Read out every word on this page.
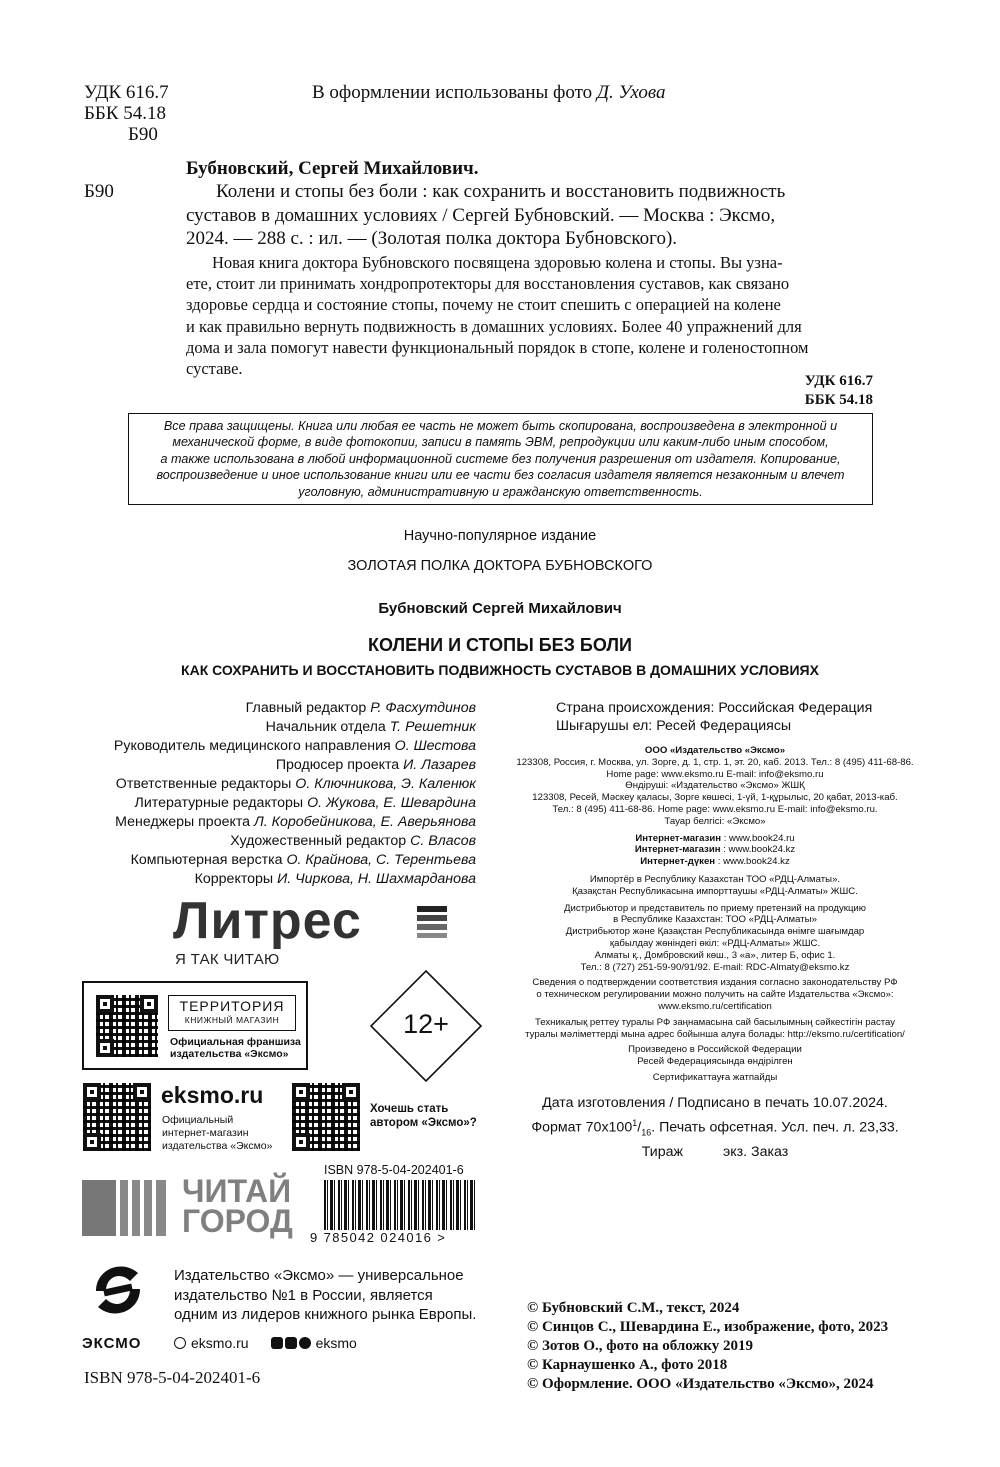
УДК 616.7
ББК 54.18
Б90
В оформлении использованы фото Д. Ухова
Бубновский, Сергей Михайлович.
Б90	Колени и стопы без боли : как сохранить и восстановить подвижность
суставов в домашних условиях / Сергей Бубновский. — Москва : Эксмо,
2024. — 288 с. : ил. — (Золотая полка доктора Бубновского).

Новая книга доктора Бубновского посвящена здоровью колена и стопы. Вы узна-

ете, стоит ли принимать хондропротекторы для восстановления суставов, как связано

здоровье сердца и состояние стопы, почему не стоит спешить с операцией на колене

и как правильно вернуть подвижность в домашних условиях. Более 40 упражнений для

дома и зала помогут навести функциональный порядок в стопе, колене и голеностопном

суставе.

УДК 616.7
ББК 54.18
Все права защищены. Книга или любая ее часть не может быть скопирована, воспроизведена в электронной и
механической форме, в виде фотокопии, записи в память ЭВМ, репродукции или каким-либо иным способом,
а также использована в любой информационной системе без получения разрешения от издателя. Копирование,
воспроизведение и иное использование книги или ее части без согласия издателя является незаконным и влечет
уголовную, административную и гражданскую ответственность.
Научно-популярное издание
ЗОЛОТАЯ ПОЛКА ДОКТОРА БУБНОВСКОГО
Бубновский Сергей Михайлович
КОЛЕНИ И СТОПЫ БЕЗ БОЛИ
КАК СОХРАНИТЬ И ВОССТАНОВИТЬ ПОДВИЖНОСТЬ СУСТАВОВ В ДОМАШНИХ УСЛОВИЯХ
Главный редактор Р. Фасхутдинов
Начальник отдела Т. Решетник
Руководитель медицинского направления О. Шестова
Продюсер проекта И. Лазарев
Ответственные редакторы О. Ключникова, Э. Каленюк
Литературные редакторы О. Жукова, Е. Шевардина
Менеджеры проекта Л. Коробейникова, Е. Аверьянова
Художественный редактор С. Власов
Компьютерная верстка О. Крайнова, С. Терентьева
Корректоры И. Чиркова, Н. Шахмарданова
Страна происхождения: Российская Федерация
Шығарушы ел: Ресей Федерациясы
ООО «Издательство «Эксмо»
123308, Россия, г. Москва, ул. Зорге, д. 1, стр. 1, эт. 20, каб. 2013. Тел.: 8 (495) 411-68-86.
Home page: www.eksmo.ru E-mail: info@eksmo.ru
Өндіруші: «Издательство «Эксмо» ЖШҚ
123308, Ресей, Мәскеу қаласы, Зорге көшесі, 1-үй, 1-құрылыс, 20 қабат, 2013-каб.
Тел.: 8 (495) 411-68-86. Home page: www.eksmo.ru E-mail: info@eksmo.ru.
Тауар белгісі: «Эксмо»
Интернет-магазин : www.book24.ru
Интернет-магазин : www.book24.kz
Интернет-дүкен : www.book24.kz
Импортёр в Республику Казахстан ТОО «РДЦ-Алматы».
Қазақстан Республикасына импорттаушы «РДЦ-Алматы» ЖШС.
Дистрибьютор и представитель по приему претензий на продукцию
в Республике Казахстан: ТОО «РДЦ-Алматы»
Дистрибьютор және Қазақстан Республикасында өнімге шағымдар
қабылдау жөніндегі өкіл: «РДЦ-Алматы» ЖШС.
Алматы қ., Домбровский көш., 3 «а», литер Б, офис 1.
Тел.: 8 (727) 251-59-90/91/92. E-mail: RDC-Almaty@eksmo.kz
Сведения о подтверждении соответствия издания согласно законодательству РФ
о техническом регулировании можно получить на сайте Издательства «Эксмо»:
www.eksmo.ru/certification
Техникалық реттеу туралы РФ заңнамасына сай басылымның сәйкестігін растау
туралы мәліметтерді мына адрес бойынша алуға болады: http://eksmo.ru/certification/
Произведено в Российской Федерации
Ресей Федерациясында өндірілген
Сертификаттауға жатпайды
Дата изготовления / Подписано в печать 10.07.2024.
Формат $70x100^1/_{16}$. Печать офсетная. Усл. печ. л. 23,33.
Тираж	экз. Заказ
Литрес
Я ТАК ЧИТАЮ
ТЕРРИТОРИЯ
КНИЖНЫЙ МАГАЗИН
Официальная франшиза
издательства «Эксмо»
12+
eksmo.ru
Официальный
интернет-магазин
издательства «Эксмо»
Хочешь стать
автором «Эксмо»?
ЧИТАЙ
ГОРОД
ISBN 978-5-04-202401-6
9 785042 024016 >
ЭКСМО
Издательство «Эксмо» — универсальное
издательство №1 в России, является
одним из лидеров книжного рынка Европы.
eksmo.ru	eksmo
ISBN 978-5-04-202401-6
© Бубновский С.М., текст, 2024
© Синцов С., Шевардина Е., изображение, фото, 2023
© Зотов О., фото на обложку 2019
© Карнаушенко А., фото 2018
© Оформление. ООО «Издательство «Эксмо», 2024
